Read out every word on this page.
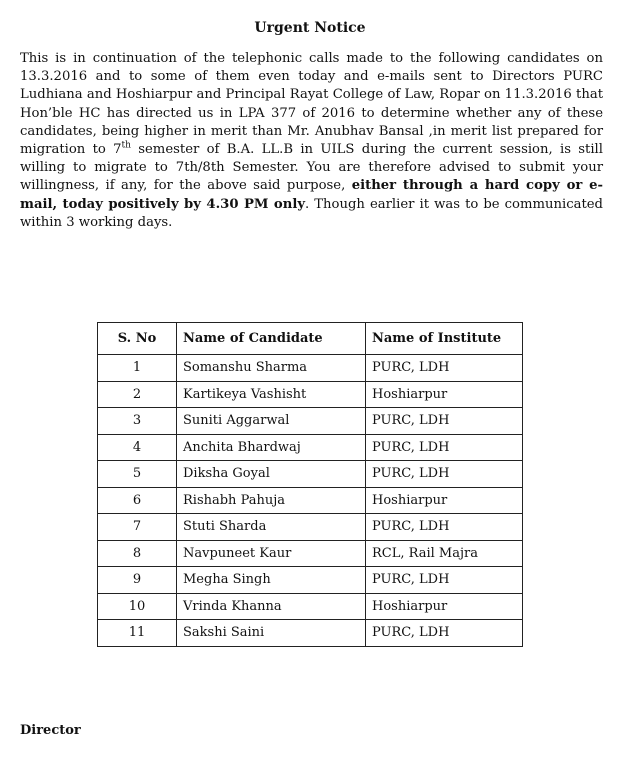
Urgent Notice

This is in continuation of the telephonic calls made to the following candidates on 13.3.2016 and to some of them even today and e-mails sent to Directors PURC Ludhiana and Hoshiarpur and Principal Rayat College of Law, Ropar on 11.3.2016 that Hon’ble HC has directed us in LPA 377 of 2016 to determine whether any of these candidates, being higher in merit than Mr. Anubhav Bansal ,in merit list prepared for migration to 7th semester of B.A. LL.B in UILS during the current session, is still willing to migrate to 7th/8th Semester. You are therefore advised to submit your willingness, if any, for the above said purpose, either through a hard copy or e-mail, today positively by 4.30 PM only. Though earlier it was to be communicated within 3 working days.

S. No	Name of Candidate	Name of Institute
1	Somanshu Sharma	PURC, LDH
2	Kartikeya Vashisht	Hoshiarpur
3	Suniti Aggarwal	PURC, LDH
4	Anchita Bhardwaj	PURC, LDH
5	Diksha Goyal	PURC, LDH
6	Rishabh Pahuja	Hoshiarpur
7	Stuti Sharda	PURC, LDH
8	Navpuneet Kaur	RCL, Rail Majra
9	Megha Singh	PURC, LDH
10	Vrinda Khanna	Hoshiarpur
11	Sakshi Saini	PURC, LDH
Director
